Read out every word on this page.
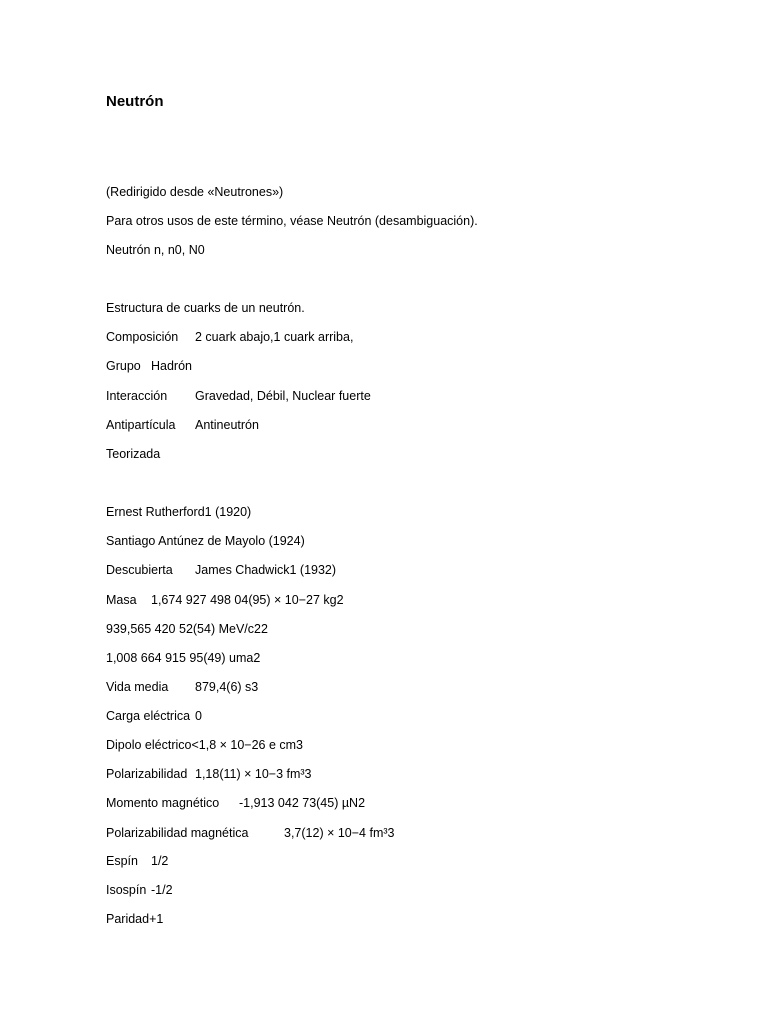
Neutrón
(Redirigido desde «Neutrones»)
Para otros usos de este término, véase Neutrón (desambiguación).
Neutrón n, n0, N0
Estructura de cuarks de un neutrón.
Composición 2 cuark abajo,1 cuark arriba,
Grupo Hadrón
Interacción Gravedad, Débil, Nuclear fuerte
Antipartícula Antineutrón
Teorizada
Ernest Rutherford1 (1920)
Santiago Antúnez de Mayolo (1924)
Descubierta James Chadwick1 (1932)
Masa 1,674 927 498 04(95) × 10−27 kg2
939,565 420 52(54) MeV/c22
1,008 664 915 95(49) uma2
Vida media 879,4(6) s3
Carga eléctrica 0
Dipolo eléctrico<1,8 × 10−26 e cm3
Polarizabilidad 1,18(11) × 10−3 fm³3
Momento magnético -1,913 042 73(45) µN2
Polarizabilidad magnética	3,7(12) × 10−4 fm³3
Espín 1/2
Isospín -1/2
Paridad+1
